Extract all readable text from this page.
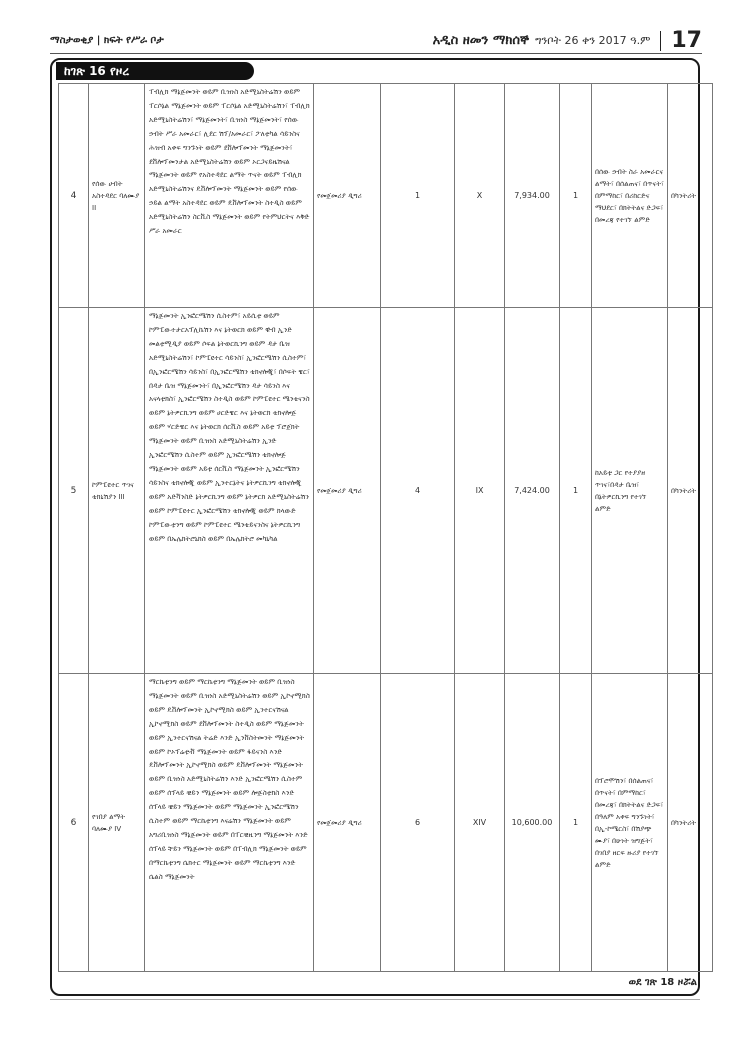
ማስታወቂያ | ክፍት የሥራ ቦታ	አዲስ ዘመን ማክሰኞ ግንቦት 26 ቀን 2017 ዓ.ም 17
ከገጽ 16 የዞረ
4	የሰው ሀብት አስተዳደር ባለሙያ II	ፐብሊክ ማኔጅመንት ወይም ቢዝነስ አድሚኒስትሬሽን ወይም ፐርሶኔል ማኔጅመንት ወይም ፐርሶኔል አድሚኒስትሬሽን፣ ፐብሊክ አድሚኒስትሬሽን፣ ማኔጅመንት፣ ቢዝነስ ማኔጅመንት፣ የሰው ኃብት ሥራ አመራር፣ ሊደር ሽፕ/አመራር፣ ፖለቲካል ሳይንስና ሕዝብ አቀፍ ግንኙነት ወይም ደቨሎፕመንት ማኔጅመንት፣ ደቨሎፕመንታል አድሚኒስትሬሽን ወይም ኦርጋናይዜሽናል ማኔጅመንት ወይም የአስተዳደር ልማት ጥናት ወይም ፐብሊክ አድሚኒስትሬሽንና ዴቨሎፕመንት ማኔጅመንት ወይም የሰው ኃይል ልማት አስተዳደር ወይም ዴቨሎፕመንት ስተዲስ ወይም አድሚኒስትሬሽን ስርቪስ ማኔጅመንት ወይም የትምህርትና እቅድ ሥራ አመራር	የመጀመሪያ ዲግሪ	1	X	7,934.00	1	በሰው ኃብት ስራ አመራርና ልማት፣ በሰልጠና፣ በጥናት፣ በምማከር፣ በሪከርድና ማህደር፣ በክትትልና ድጋፍ፣ በመረጃ የተገኘ ልምድ	በካንትሪት
5	ኮምፒዩተር ጥገና ቴክኒሽያን III	ማኔጅመንት ኢንፎርሜሽን ሲስተም፣ አይሲቲ ወይም ኮምፒውተታርአፕሊኬሽን እና ኔትወርክ ወይም ዊብ ኢንድ መልቲሚዲያ ወይም ሶፍል ኔትወርኪንግ ወይም ዳታ ቤዝ አድሚኒስትሬሽን፣ ኮምፒዩተር ሳይንስ፣ ኢንፎርሜሽን ሲስተም፣ በኢንፎርሜሽን ሳይንስ፣ በኢንፎርሜሽን ቴክኖሎጂ፣ በሶፍት ዌር፣ በዳታ ቤዝ ማኔጅመንት፣ በኢንፎርሜሽን ዳታ ሳይንስ እና አናላቲክስ፣ ኢንፎርሜሽን ስተዲስ ወይም ኮምፒዩተር ሜንቴናንስ ወይም ኔትዎርኪንግ ወይም ሀርድዌር እና ኔትወርክ ቴክኖሎጅ ወይም ሃርድዌር እና ኔትወርክ ሰርቪስ ወይም አይቲ ፕሮጀክት ማኔጅመንት ወይም ቢዝነስ አድሚኒስትሬሽን ኢንድ ኢንፎርሜሽን ሲስተም ወይም ኢንፎርሜሽን ቴክኖሎጅ ማኔጅመንት ወይም አይቲ ሰርቪስ ማኔጅመንት ኢንፎርሜሽን ሳይንስና ቴክኖሎጂ ወይም ኢንተርኔትና ኔትዎርኪንግ ቴክኖሎጂ ወይም አድቫንስድ ኔትዎርኪንግ ወይም ኔትዎርክ አድሚኒስትሬሽን ወይም ኮምፒዩተር ኢንፎርሜሽን ቴክኖሎጂ ወይም ክላውድ ኮምፒውቲንግ ወይም ኮምፒዩተር ሜንቴይናንስና ኔትዎርኪንግ ወይም በኤሌክትሮኒክስ ወይም በኤሌክትሮ መካኒካል	የመጀመሪያ ዲግሪ	4	IX	7,424.00	1	ከአይቲ ጋር የተያያዘ ጥገና፣በዳታ ቤዝ፣ በኔትዎርኪንግ የተገኘ ልምድ	በካንትሪት
6	የገበያ ልማት ባለሙያ IV	ማርኬቲንግ ወይም ማርኬቲንግ ማኔጅመንት ወይም ቢዝነስ ማኔጅመንት ወይም ቢዝነስ አድሚኒስትሬሽን ወይም ኢኮኖሚክስ ወይም ዴቨሎፕመንት ኢኮኖሚክስ ወይም ኢንተርናሽናል ኢኮኖሚክስ ወይም ደቨሎፕመንት ስተዲስ ወይም ማኔጅመንት ወይም ኢንተርናሽናል ትሬድ እንድ ኢንቨስትመንት ማኔጅመንት ወይም ኮኦፕሬቲቭ ማኔጅመንት ወይም ፋይናንስ እንድ ዴቨሎፕመንት ኢኮኖሚክስ ወይም ዴቨሎፕመንት ማኔጅመንት ወይም ቢዝነስ አድሚኒስትሬሽን እንድ ኢንፎርሜሽን ሲስተም ወይም ሰፕላይ ቼይን ማኔጅመንት ወይም ሎጅስቲክስ እንድ ሰፕላይ ቼይን ማኔጅመንት ወይም ማኔጅመንት ኢንፎርሜሽን ሲስተም ወይም ማርኬቲንግ እናሬሽን ማኔጅመንት ወይም አግሪቢዝነስ ማኔጅመንት ወይም በፐርቼዚንግ ማኔጅመንት እንድ ሰፕላይ ቸይን ማኔጅመንት ወይም በፐብሊክ ማኔጅመንት ወይም በማርኬቲንግ ሴክተር ማኔጅመንት ወይም ማርኬቲንግ እንድ ሴልስ ማኔጅመንት	የመጀመሪያ ዲግሪ	6	XIV	10,600.00	1	በፕሮሞሽን፣ በሰልጠና፣ በጥናት፣ በምማከር፣ በመረጃ፣ በክትትልና ድጋፍ፣ በዓለም አቀፍ ግንኙነት፣ በኢ-ኮሜርስ፣ በሽያጭ ሙያ፣ በሁነት ዝግጅት፣ በገበያ ዘርፍ ዙሪያ የተገኘ ልምድ	በካንትሪት
ወደ ገጽ 18 ዞሯል
